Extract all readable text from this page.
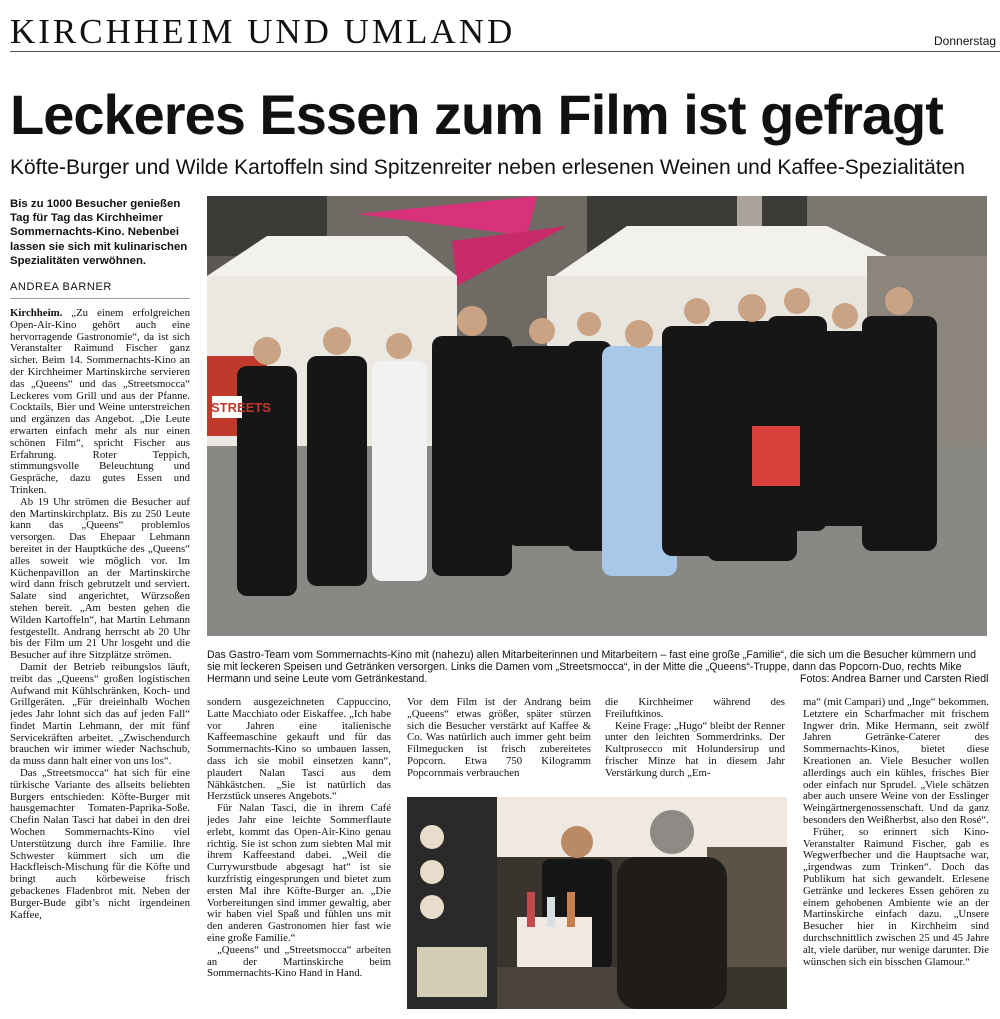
KIRCHHEIM UND UMLAND	Donnerstag
Leckeres Essen zum Film ist gefragt
Köfte-Burger und Wilde Kartoffeln sind Spitzenreiter neben erlesenen Weinen und Kaffee-Spezialitäten
Bis zu 1000 Besucher genießen Tag für Tag das Kirchheimer Sommernachts-Kino. Nebenbei lassen sie sich mit kulinarischen Spezialitäten verwöhnen.
ANDREA BARNER

Kirchheim. „Zu einem erfolgreichen Open-Air-Kino gehört auch eine hervorragende Gastronomie“, da ist sich Veranstalter Raimund Fischer ganz sicher. Beim 14. Sommernachts-Kino an der Kirchheimer Martinskirche servieren das „Queens“ und das „Streetsmocca“ Leckeres vom Grill und aus der Pfanne. Cocktails, Bier und Weine unterstreichen und ergänzen das Angebot. „Die Leute erwarten einfach mehr als nur einen schönen Film“, spricht Fischer aus Erfahrung. Roter Teppich, stimmungsvolle Beleuchtung und Gespräche, dazu gutes Essen und Trinken.

Ab 19 Uhr strömen die Besucher auf den Martinskirchplatz. Bis zu 250 Leute kann das „Queens“ problemlos versorgen. Das Ehepaar Lehmann bereitet in der Hauptküche des „Queens“ alles soweit wie möglich vor. Im Küchenpavillon an der Martinskirche wird dann frisch gebrutzelt und serviert. Salate sind angerichtet, Würzsoßen stehen bereit. „Am besten gehen die Wilden Kartoffeln“, hat Martin Lehmann festgestellt. Andrang herrscht ab 20 Uhr bis der Film um 21 Uhr losgeht und die Besucher auf ihre Sitzplätze strömen.

Damit der Betrieb reibungslos läuft, treibt das „Queens“ großen logistischen Aufwand mit Kühlschränken, Koch- und Grillgeräten. „Für dreieinhalb Wochen jedes Jahr lohnt sich das auf jeden Fall“ findet Martin Lehmann, der mit fünf Servicekräften arbeitet. „Zwischendurch brauchen wir immer wieder Nachschub, da muss dann halt einer von uns los“.

Das „Streetsmocca“ hat sich für eine türkische Variante des allseits beliebten Burgers entschieden: Köfte-Burger mit hausgemachter Tomaten-Paprika-Soße. Chefin Nalan Tasci hat dabei in den drei Wochen Sommernachts-Kino viel Unterstützung durch ihre Familie. Ihre Schwester kümmert sich um die Hackfleisch-Mischung für die Köfte und bringt auch körbeweise frisch gebackenes Fladenbrot mit. Neben der Burger-Bude gibt’s nicht irgendeinen Kaffee,

STREETS
Das Gastro-Team vom Sommernachts-Kino mit (nahezu) allen Mitarbeiterinnen und Mitarbeitern – fast eine große „Familie“, die sich um die Besucher kümmern und sie mit leckeren Speisen und Getränken versorgen. Links die Damen vom „Streetsmocca“, in der Mitte die „Queens“-Truppe, dann das Popcorn-Duo, rechts Mike Hermann und seine Leute vom Getränkestand.	Fotos: Andrea Barner und Carsten Riedl

sondern ausgezeichneten Cappuccino, Latte Macchiato oder Eiskaffee. „Ich habe vor Jahren eine italienische Kaffeemaschine gekauft und für das Sommernachts-Kino so umbauen lassen, dass ich sie mobil einsetzen kann“, plaudert Nalan Tasci aus dem Nähkästchen. „Sie ist natürlich das Herzstück unseres Angebots.“

Für Nalan Tasci, die in ihrem Café jedes Jahr eine leichte Sommerflaute erlebt, kommt das Open-Air-Kino genau richtig. Sie ist schon zum siebten Mal mit ihrem Kaffeestand dabei. „Weil die Currywurstbude abgesagt hat“ ist sie kurzfristig eingesprungen und bietet zum ersten Mal ihre Köfte-Burger an. „Die Vorbereitungen sind immer gewaltig, aber wir haben viel Spaß und fühlen uns mit den anderen Gastronomen hier fast wie eine große Familie.“

„Queens“ und „Streetsmocca“ arbeiten an der Martinskirche beim Sommernachts-Kino Hand in Hand.

Vor dem Film ist der Andrang beim „Queens“ etwas größer, später stürzen sich die Besucher verstärkt auf Kaffee & Co. Was natürlich auch immer geht beim Filmegucken ist frisch zubereitetes Popcorn. Etwa 750 Kilogramm Popcornmais verbrauchen

die Kirchheimer während des Freiluftkinos.

Keine Frage: „Hugo“ bleibt der Renner unter den leichten Sommerdrinks. Der Kultprosecco mit Holundersirup und frischer Minze hat in diesem Jahr Verstärkung durch „Em-

ma“ (mit Campari) und „Inge“ bekommen. Letztere ein Scharfmacher mit frischem Ingwer drin. Mike Hermann, seit zwölf Jahren Getränke-Caterer des Sommernachts-Kinos, bietet diese Kreationen an. Viele Besucher wollen allerdings auch ein kühles, frisches Bier oder einfach nur Sprudel. „Viele schätzen aber auch unsere Weine von der Esslinger Weingärtnergenossenschaft. Und da ganz besonders den Weißherbst, also den Rosé“.

Früher, so erinnert sich Kino-Veranstalter Raimund Fischer, gab es Wegwerfbecher und die Hauptsache war, „irgendwas zum Trinken“. Doch das Publikum hat sich gewandelt. Erlesene Getränke und leckeres Essen gehören zu einem gehobenen Ambiente wie an der Martinskirche einfach dazu. „Unsere Besucher hier in Kirchheim sind durchschnittlich zwischen 25 und 45 Jahre alt, viele darüber, nur wenige darunter. Die wünschen sich ein bisschen Glamour.“
